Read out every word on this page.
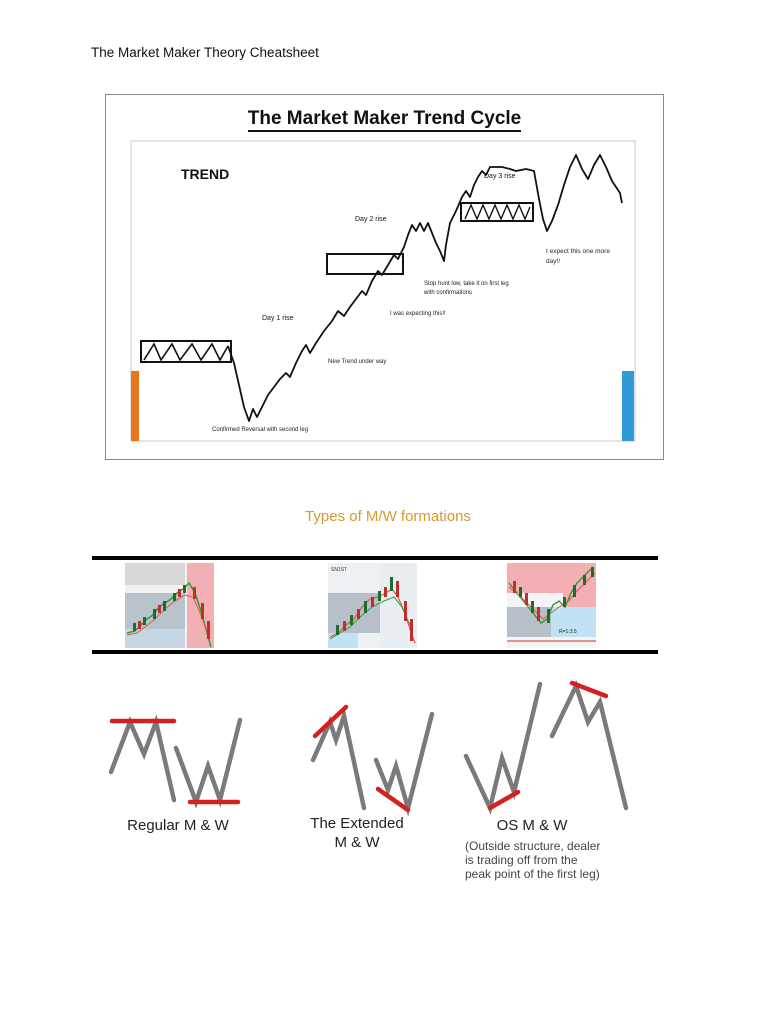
The Market Maker Theory Cheatsheet
The Market Maker Trend Cycle
TREND
Day 1 rise
Day 2 rise
Day 3 rise
Confirmed Reversal with second leg
New Trend under way
I was expecting this!!
Stop hunt low, take it on first leg
with confirmations
I expect this one more
day!!
Types of M/W formations
SN1ST
R=1:3.5
Regular M & W	The Extended
M & W
OS M & W
(Outside structure, dealer
is trading off from the
peak point of the first leg)
